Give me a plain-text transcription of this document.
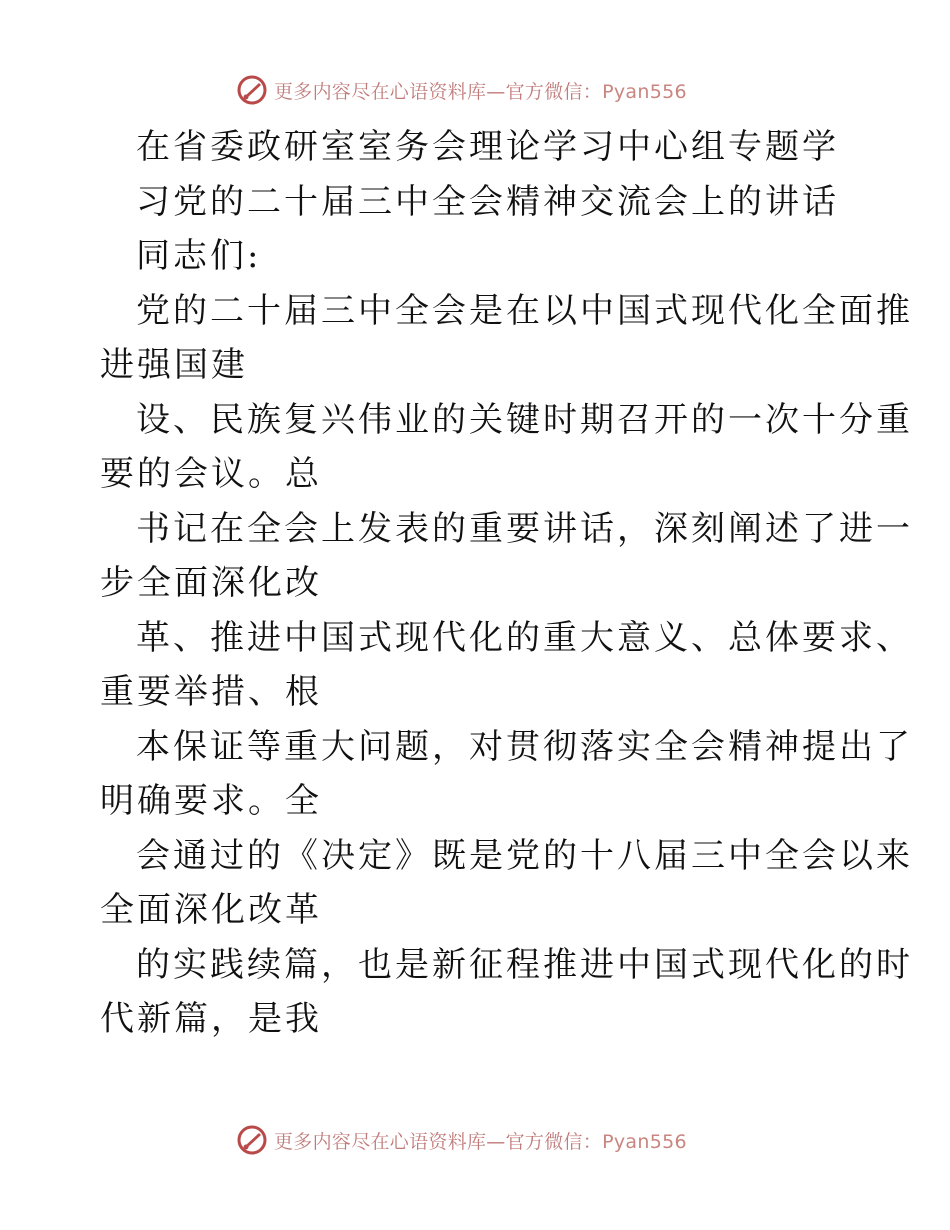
更多内容尽在心语资料库—官方微信：Pyan556
在省委政研室室务会理论学习中心组专题学
习党的二十届三中全会精神交流会上的讲话
同志们:
党的二十届三中全会是在以中国式现代化全面推
进强国建
设、民族复兴伟业的关键时期召开的一次十分重
要的会议。总
书记在全会上发表的重要讲话，深刻阐述了进一
步全面深化改
革、推进中国式现代化的重大意义、总体要求、
重要举措、根
本保证等重大问题，对贯彻落实全会精神提出了
明确要求。全
会通过的《决定》既是党的十八届三中全会以来
全面深化改革
的实践续篇，也是新征程推进中国式现代化的时
代新篇，是我
更多内容尽在心语资料库—官方微信：Pyan556
